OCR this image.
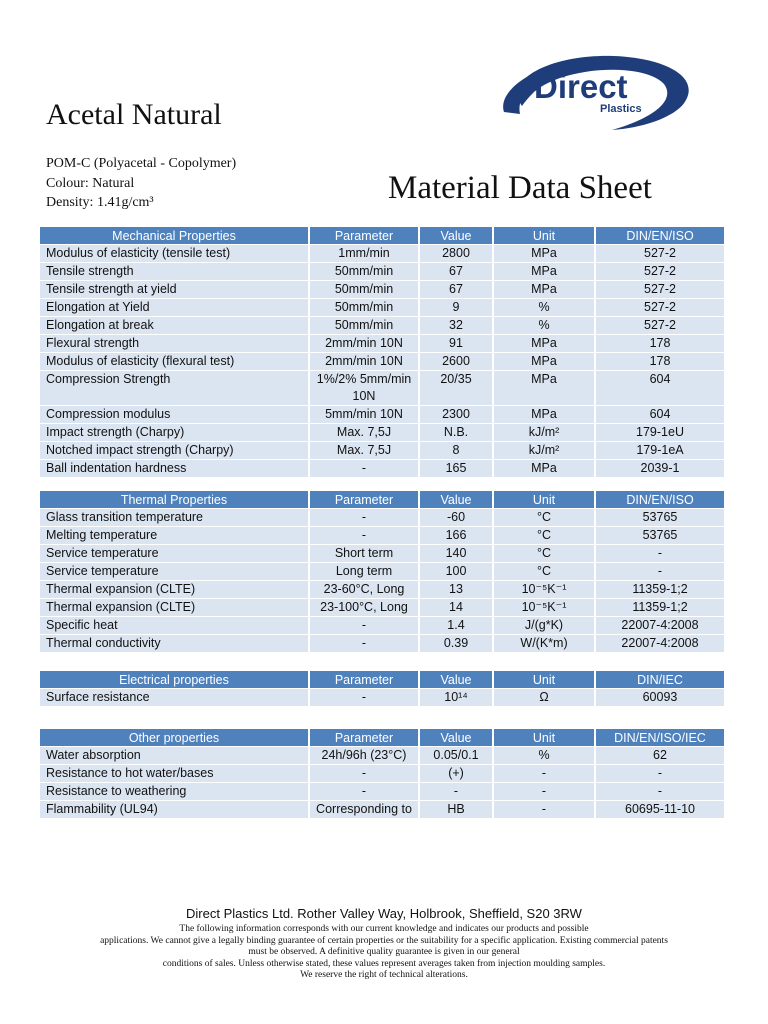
Acetal Natural
POM-C (Polyacetal - Copolymer)
Colour: Natural
Density: 1.41g/cm³	Material Data Sheet
Direct
Plastics
Mechanical Properties	Parameter	Value	Unit	DIN/EN/ISO
Modulus of elasticity (tensile test)	1mm/min	2800	MPa	527-2
Tensile strength	50mm/min	67	MPa	527-2
Tensile strength at yield	50mm/min	67	MPa	527-2
Elongation at Yield	50mm/min	9	%	527-2
Elongation at break	50mm/min	32	%	527-2
Flexural strength	2mm/min 10N	91	MPa	178
Modulus of elasticity (flexural test)	2mm/min 10N	2600	MPa	178
Compression Strength	1%/2% 5mm/min 10N	20/35	MPa	604
Compression modulus	5mm/min 10N	2300	MPa	604
Impact strength (Charpy)	Max. 7,5J	N.B.	kJ/m²	179-1eU
Notched impact strength (Charpy)	Max. 7,5J	8	kJ/m²	179-1eA
Ball indentation hardness	-	165	MPa	2039-1
Thermal Properties	Parameter	Value	Unit	DIN/EN/ISO
Glass transition temperature	-	-60	°C	53765
Melting temperature	-	166	°C	53765
Service temperature	Short term	140	°C	-
Service temperature	Long term	100	°C	-
Thermal expansion (CLTE)	23-60°C, Long	13	10⁻⁵K⁻¹	11359-1;2
Thermal expansion (CLTE)	23-100°C, Long	14	10⁻⁵K⁻¹	11359-1;2
Specific heat	-	1.4	J/(g*K)	22007-4:2008
Thermal conductivity	-	0.39	W/(K*m)	22007-4:2008
Electrical properties	Parameter	Value	Unit	DIN/IEC
Surface resistance	-	10¹⁴	Ω	60093
Other properties	Parameter	Value	Unit	DIN/EN/ISO/IEC
Water absorption	24h/96h (23°C)	0.05/0.1	%	62
Resistance to hot water/bases	-	(+)	-	-
Resistance to weathering	-	-	-	-
Flammability (UL94)	Corresponding to	HB	-	60695-11-10
Direct Plastics Ltd. Rother Valley Way, Holbrook, Sheffield, S20 3RW
The following information corresponds with our current knowledge and indicates our products and possible
applications. We cannot give a legally binding guarantee of certain properties or the suitability for a specific application. Existing commercial patents
must be observed. A definitive quality guarantee is given in our general
conditions of sales. Unless otherwise stated, these values represent averages taken from injection moulding samples.
We reserve the right of technical alterations.
